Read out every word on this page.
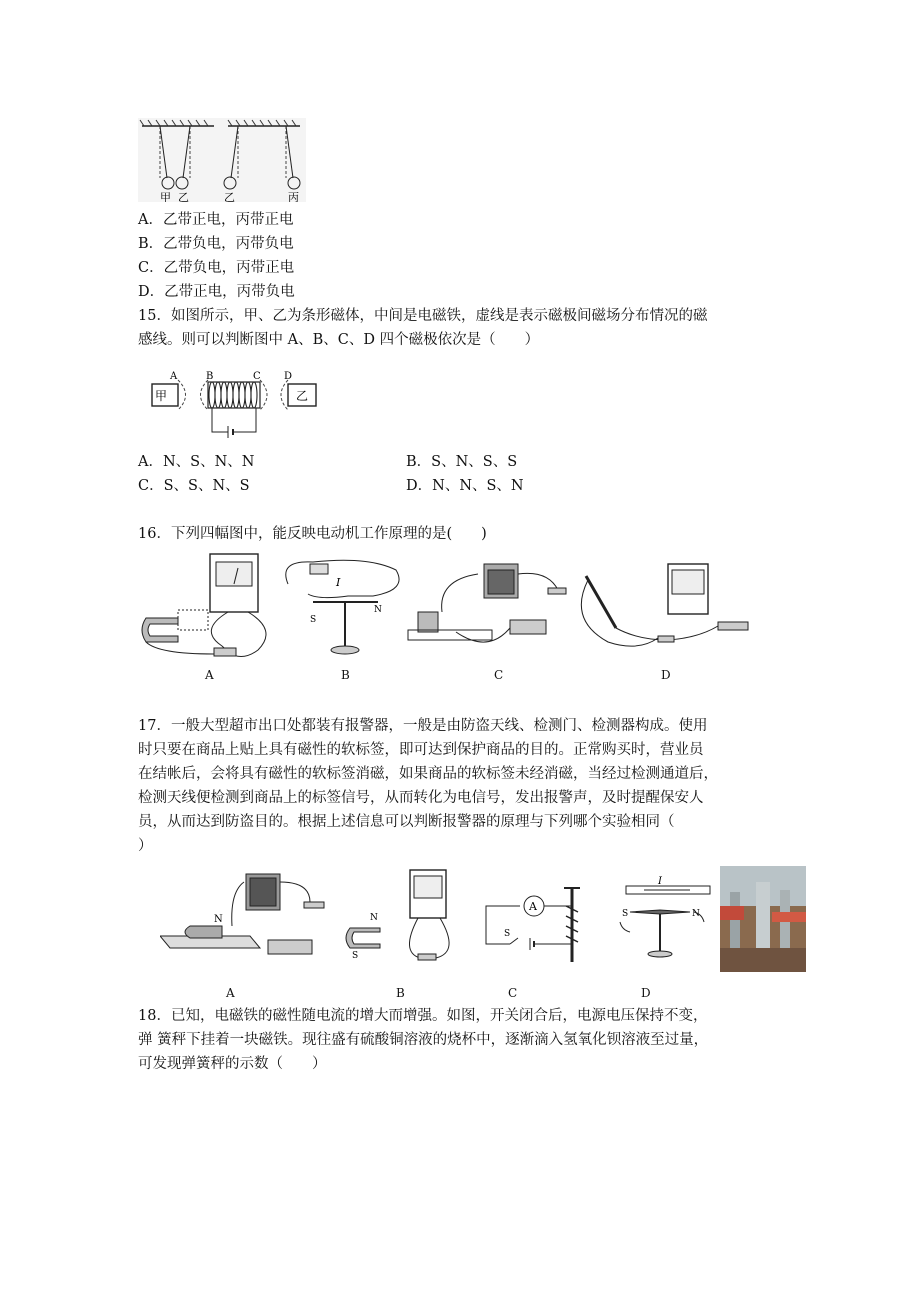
甲 乙	乙	丙
A．乙带正电，丙带正电
B．乙带负电，丙带负电
C．乙带负电，丙带正电
D．乙带正电，丙带负电
15．如图所示，甲、乙为条形磁体，中间是电磁铁，虚线是表示磁极间磁场分布情况的磁
感线。则可以判断图中 A、B、C、D 四个磁极依次是（　　）
甲	乙
A	B	C D
A．N、S、N、N	B．S、N、S、S
C．S、S、N、S	D．N、N、S、N
16．下列四幅图中，能反映电动机工作原理的是(　　)
I
S
N
A	B	C	D
17．一般大型超市出口处都装有报警器，一般是由防盗天线、检测门、检测器构成。使用
时只要在商品上贴上具有磁性的软标签，即可达到保护商品的目的。正常购买时，营业员
在结帐后，会将具有磁性的软标签消磁，如果商品的软标签未经消磁，当经过检测通道后，
检测天线便检测到商品上的标签信号，从而转化为电信号，发出报警声，及时提醒保安人
员，从而达到防盗目的。根据上述信息可以判断报警器的原理与下列哪个实验相同（
）
N	N
S
A
S
I
S	N
A	B	C	D
18．已知，电磁铁的磁性随电流的增大而增强。如图，开关闭合后，电源电压保持不变，
弹 簧秤下挂着一块磁铁。现往盛有硫酸铜溶液的烧杯中，逐渐滴入氢氧化钡溶液至过量，
可发现弹簧秤的示数（　　）
